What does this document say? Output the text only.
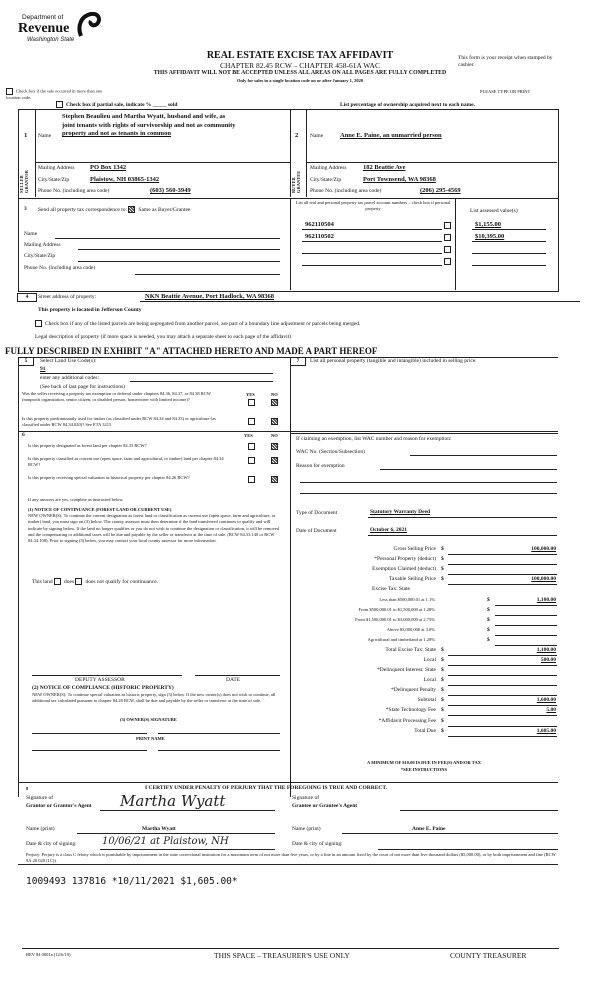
Department of
Revenue
Washington State
REAL ESTATE EXCISE TAX AFFIDAVIT
CHAPTER 82.45 RCW – CHAPTER 458-61A WAC
THIS AFFIDAVIT WILL NOT BE ACCEPTED UNLESS ALL AREAS ON ALL PAGES ARE FULLY COMPLETED
Only for sales in a single location code on or after January 1, 2020
This form is your receipt when stamped by cashier.
PLEASE TYPE OR PRINT
Check box if the sale occurred in more than one location code.
Check box if partial sale, indicate % _____ sold	List percentage of ownership acquired next to each name.
1 Name
Stephen Beaulieu and Martha Wyatt, husband and wife, as
joint tenants with rights of survivorship and not as community
property and not as tenants in common
SELLER GRANTOR
Mailing Address PO Box 1342
City/State/Zip	Plaistow, NH 03865-1342
Phone No. (including area code)	(603) 560-3949
2 Name	Anne E. Paine, an unmarried person
BUYER GRANTEE
Mailing Address	182 Beattie Ave
City/State/Zip	Port Townsend, WA 98368
Phone No. (including area code)	(206) 295-4569
3 Send all property tax correspondence to: Same as Buyer/Grantee
Name
Mailing Address
City/State/Zip
Phone No. (including area code)
List all real and personal property tax parcel account numbers – check box if personal property	List assessed value(s)
962110504	$1,155.00
962110502	$10,395.00
4	Street address of property:	NKN Beattie Avenue, Port Hadlock, WA 98368
This property is located in Jefferson County
Check box if any of the listed parcels are being segregated from another parcel, are part of a boundary line adjustment or parcels being merged.
Legal description of property (if more space is needed, you may attach a separate sheet to each page of the affidavit)
FULLY DESCRIBED IN EXHIBIT "A" ATTACHED HERETO AND MADE A PART HEREOF
5	Select Land Use Code(s):
91
enter any additional codes:
(See back of last page for instructions)
YES	NO
Was the seller receiving a property tax exemption or deferral under chapters 84.36, 84.37, or 84.38 RCW (nonprofit organization, senior citizen, or disabled person, homeowner with limited income)?
Is this property predominantly used for timber (as classified under RCW 84.34 and 84.33) or agriculture (as classified under RCW 84.34.020)? See ETA 3215
6	YES	NO
Is this property designated as forest land per chapter 84.33 RCW?
Is this property classified as current use (open space, farm and agricultural, or timber) land per chapter 84.34 RCW?
Is this property receiving special valuation as historical property per chapter 84.26 RCW?
If any answers are yes, complete as instructed below.
(1) NOTICE OF CONTINUANCE (FOREST LAND OR CURRENT USE)
NEW OWNER(S): To continue the current designation as forest land or classification as current use (open space, farm and agriculture, or timber) land, you must sign on (3) below. The county assessor must then determine if the land transferred continues to qualify and will indicate by signing below. If the land no longer qualifies or you do not wish to continue the designation or classification, it will be removed and the compensating or additional taxes will be due and payable by the seller or transferor at the time of sale. (RCW 84.33.140 or RCW 84.34.108). Prior to signing (3) below, you may contact your local county assessor for more information.
This land does does not qualify for continuance.
DEPUTY ASSESSOR	DATE
(2) NOTICE OF COMPLIANCE (HISTORIC PROPERTY)
NEW OWNER(S): To continue special valuation as historic property, sign (3) below. If the new owner(s) does not wish to continue, all additional tax calculated pursuant to chapter 84.26 RCW, shall be due and payable by the seller or transferor at the time of sale.
(3) OWNER(S) SIGNATURE
PRINT NAME
7	List all personal property (tangible and intangible) included in selling price.
If claiming an exemption, list WAC number and reason for exemption:
WAC No. (Section/Subsection)
Reason for exemption
Type of Document	Statutory Warranty Deed
Date of Document	October 6, 2021
Gross Selling Price $	100,000.00
*Personal Property (deduct) $
Exemption Claimed (deduct) $
Taxable Selling Price $	100,000.00
Excise Tax: State
Less than $500,000.01 at 1.1%	$	1,100.00
From $500,000.01 to $1,500,000 at 1.28%	$
From $1,500,000.01 to $3,000,000 at 2.75%	$
Above $3,000,000 at 3.0%	$
Agricultural and timberland at 1.28%	$
Total Excise Tax: State $	1,100.00
Local $	500.00
*Delinquent Interest: State $
Local $
*Delinquent Penalty $
Subtotal $	1,600.00
*State Technology Fee $	5.00
*Affidavit Processing Fee $
Total Due $	1,605.00
A MINIMUM OF $10.00 IS DUE IN FEE(S) AND/OR TAX
*SEE INSTRUCTIONS
8	I CERTIFY UNDER PENALTY OF PERJURY THAT THE FOREGOING IS TRUE AND CORRECT.
Signature of
Grantor or Grantor's Agent Martha Wyatt	Signature of
Grantee or Grantee's Agent
Name (print)	Martha Wyatt	Name (print)	Anne E. Paine
Date & city of signing:	10/06/21 at Plaistow, NH	Date & city of signing:
Perjury: Perjury is a class C felony which is punishable by imprisonment in the state correctional institution for a maximum term of not more than five years, or by a fine in an amount fixed by the court of not more than five thousand dollars ($5,000.00), or by both imprisonment and fine (RCW 9A.20.020 (1C)).
1009493 137816 *10/11/2021 $1,605.00*
REV 84 0001a (12/6/19)	THIS SPACE – TREASURER'S USE ONLY	COUNTY TREASURER
